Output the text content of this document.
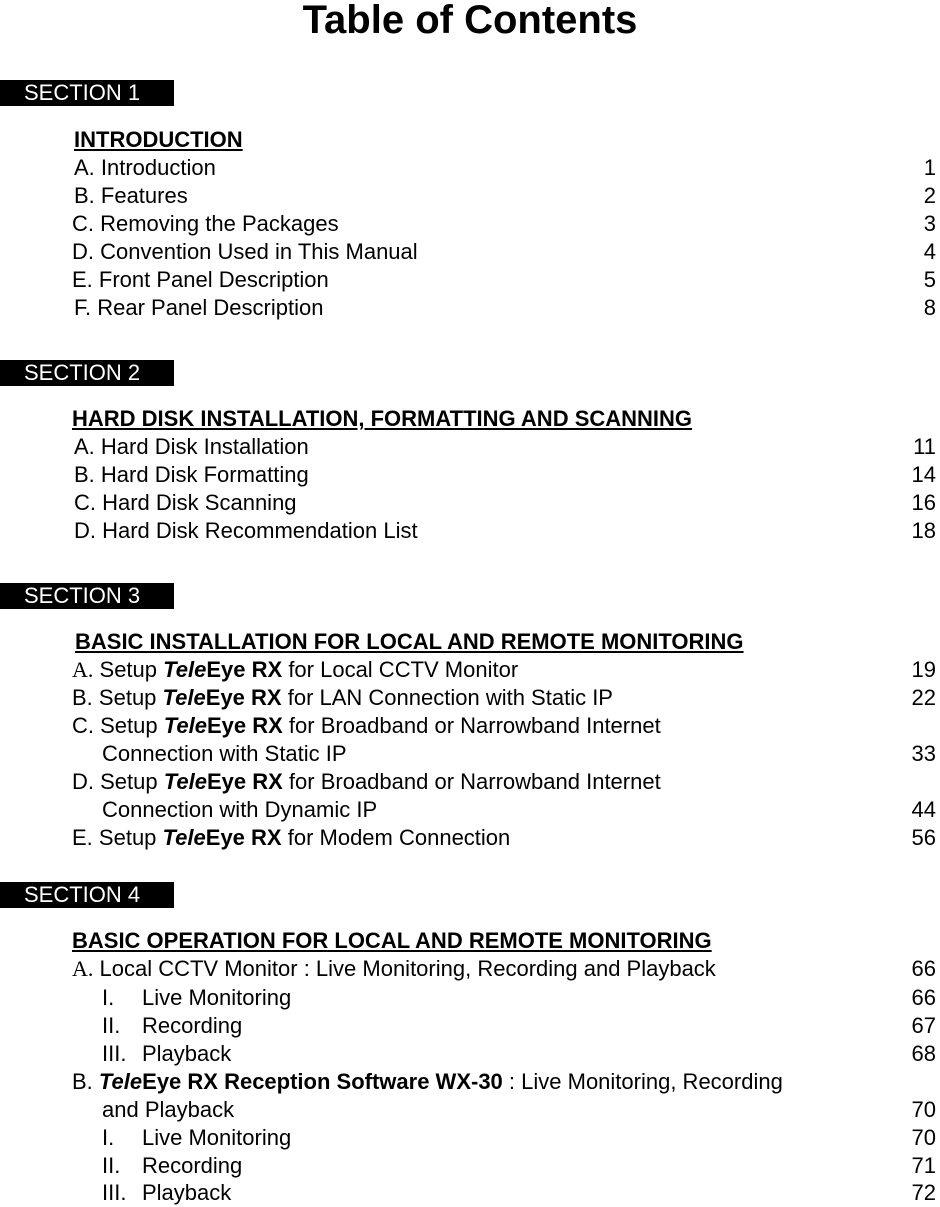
Table of Contents
SECTION 1
INTRODUCTION
A. Introduction	1
B. Features	2
C. Removing the Packages	3
D. Convention Used in This Manual	4
E. Front Panel Description	5
F. Rear Panel Description	8
SECTION 2
HARD DISK INSTALLATION, FORMATTING AND SCANNING
A. Hard Disk Installation	11
B. Hard Disk Formatting	14
C. Hard Disk Scanning	16
D. Hard Disk Recommendation List	18
SECTION 3
BASIC INSTALLATION FOR LOCAL AND REMOTE MONITORING
A. Setup TeleEye RX for Local CCTV Monitor	19
B. Setup TeleEye RX for LAN Connection with Static IP	22
C. Setup TeleEye RX for Broadband or Narrowband Internet
Connection with Static IP	33
D. Setup TeleEye RX for Broadband or Narrowband Internet
Connection with Dynamic IP	44
E. Setup TeleEye RX for Modem Connection	56
SECTION 4
BASIC OPERATION FOR LOCAL AND REMOTE MONITORING
A. Local CCTV Monitor : Live Monitoring, Recording and Playback	66
I. Live Monitoring	66
II. Recording	67
III. Playback	68
B. TeleEye RX Reception Software WX-30 : Live Monitoring, Recording
and Playback	70
I. Live Monitoring	70
II. Recording	71
III. Playback	72
